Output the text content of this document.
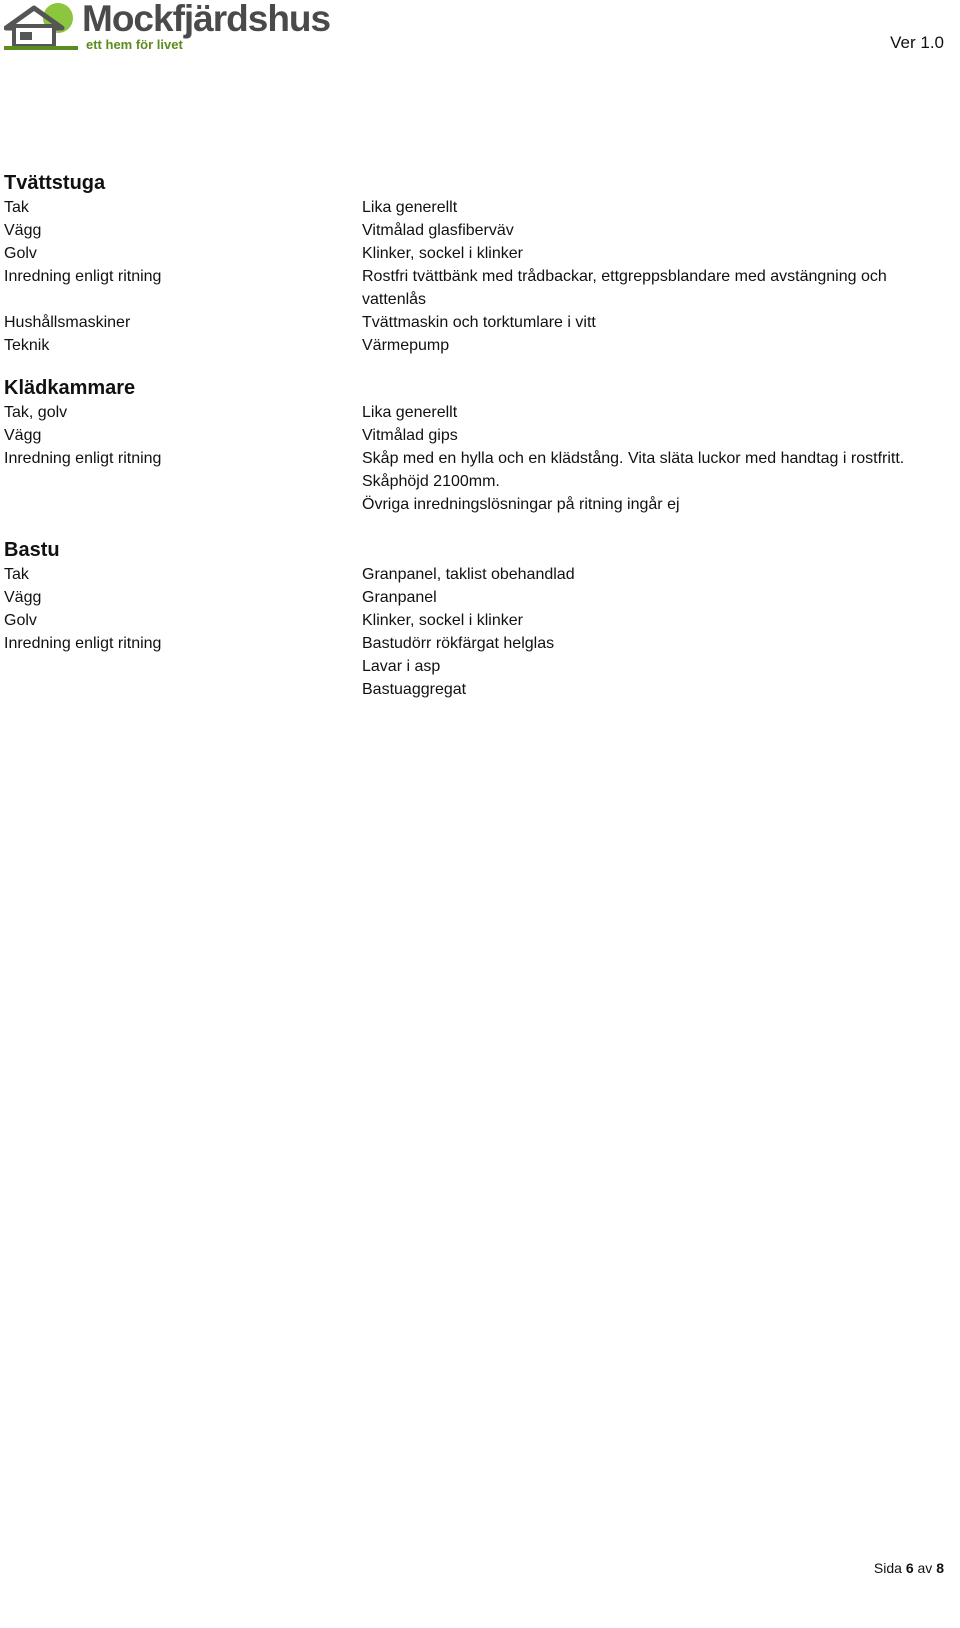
Mockfjärdshus
ett hem för livet	Ver 1.0
Tvättstuga
Tak	Lika generellt
Vägg	Vitmålad glasfiberväv
Golv	Klinker, sockel i klinker
Inredning enligt ritning	Rostfri tvättbänk med trådbackar, ettgreppsblandare med avstängning och vattenlås
Hushållsmaskiner	Tvättmaskin och torktumlare i vitt
Teknik	Värmepump
Klädkammare
Tak, golv	Lika generellt
Vägg	Vitmålad gips
Inredning enligt ritning	Skåp med en hylla och en klädstång. Vita släta luckor med handtag i rostfritt. Skåphöjd 2100mm.
Övriga inredningslösningar på ritning ingår ej
Bastu
Tak	Granpanel, taklist obehandlad
Vägg	Granpanel
Golv	Klinker, sockel i klinker
Inredning enligt ritning	Bastudörr rökfärgat helglas
Lavar i asp
Bastuaggregat
Sida 6 av 8
